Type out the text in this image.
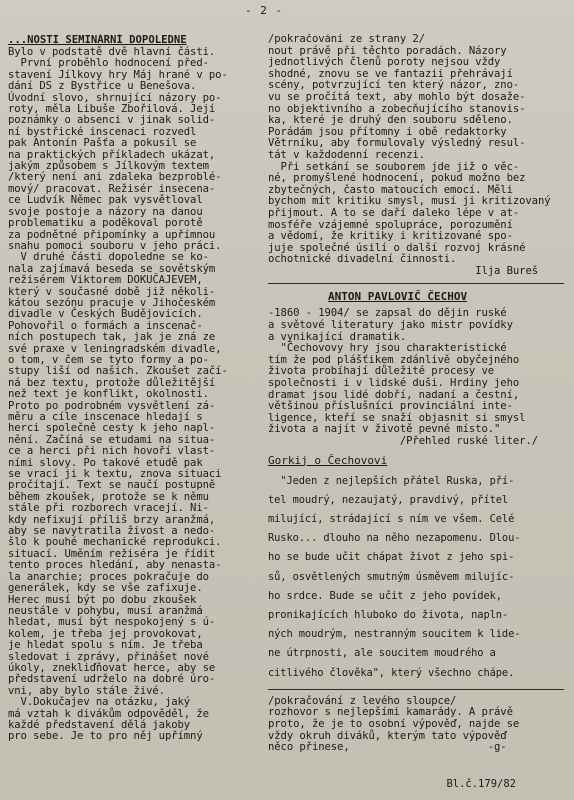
- 2 -
...NOSTI SEMINÁRNÍ DOPOLEDNE
Bylo v podstatě dvě hlavní části.
První proběhlo hodnocení před-
stavení Jílkovy hry Máj hrané v po-
dání DS z Bystřice u Benešova.
Úvodní slovo, shrnující názory po-
roty, měla Libuše Zbořilová. Její
poznámky o absenci v jinak solid-
ní bystřické inscenaci rozvedl
pak Antonín Pašťa a pokusil se
na praktických příkladech ukázat,
jakým způsobem s Jílkovým textem
/který není ani zdaleka bezproblé-
mový/ pracovat. Režisér insecena-
ce Ludvík Němec pak vysvětloval
svoje postoje a názory na danou
problematiku a poděkoval porotě
za podnětné připomínky a upřímnou
snahu pomoci souboru v jeho práci.
V druhé části dopoledne se ko-
nala zajímavá beseda se sovětským
režisérem Viktorem DOKUČAJEVEM,
který v současné době již několi-
kátou sezónu pracuje v Jihočeském
divadle v Českých Budějovicích.
Pohovořil o formách a inscenač-
ních postupech tak, jak je zná ze
své praxe v leningradském divadle,
o tom, v čem se tyto formy a po-
stupy liší od našich. Zkoušet začí-
ná bez textu, protože důležitější
než text je konflikt, okolnosti.
Proto po podrobném vysvětlení zá-
měru a cíle inscenace hledají s
herci společně cesty k jeho napl-
nění. Začíná se etudami na situa-
ce a herci při nich hovoří vlast-
ními slovy. Po takové etudě pak
se vrací ji k textu, znova situaci
pročítají. Text se naučí postupně
během zkoušek, protože se k němu
stále při rozborech vracejí. Ni-
kdy nefixují příliš brzy aranžmá,
aby se navytratila živost a nedo-
šlo k pouhé mechanické reprodukci.
situací. Uměním režiséra je řídit
tento proces hledání, aby nenasta-
la anarchie; proces pokračuje do
generálek, kdy se vše zafixuje.
Herec musí být po dobu zkoušek
neustále v pohybu, musí aranžmá
hledat, musí být nespokojený s ú-
kolem, je třeba jej provokovat,
je hledat spolu s ním. Je třeba
sledovat i zprávy, přinášet nové
úkoly, znekliďňovat herce, aby se
představení udrželo na dobré úro-
vni, aby bylo stále živé.
V.Dokučajev na otázku, jaký
má vztah k divákům odpověděl, že
každé představení dělá jakoby
pro sebe. Je to pro něj upřímný
/pokračování ze strany 2/
nout právě při těchto poradách. Názory
jednotlivých členů poroty nejsou vždy
shodné, znovu se ve fantazii přehrávají
scény, potvrzující ten který názor, zno-
vu se pročítá text, aby mohlo být dosaže-
no objektivního a zobecňujícího stanovis-
ka, které je druhý den souboru sděleno.
Porádám jsou přítomny i obě redaktorky
Větrníku, aby formulovaly výsledný resul-
tát v každodenní recenzi.
Při setkání se souborem jde již o věc-
né, promyšlené hodnocení, pokud možno bez
zbytečných, často matoucích emocí. Měli
bychom mít kritiku smysl, musí ji kritizovaný
přijmout. A to se daří daleko lépe v at-
mosféře vzájemné spolupráce, porozumění
a vědomí, že kritiky i kritizované spo-
juje společné úsilí o další rozvoj krásné
ochotnické divadelní činnosti.
Ilja Bureš
ANTON PAVLOVIČ ČECHOV
-1860 - 1904/ se zapsal do dějin ruské
a světové literatury jako mistr povídky
a vynikající dramatik.
"Čechovovy hry jsou charakteristické
tím že pod plášťikem zdánlivě obyčejného
života probíhají důležité procesy ve
společnosti i v lidské duši. Hrdiny jeho
dramat jsou lidé dobří, nadaní a čestní,
většinou příslušníci provinciální inte-
ligence, kteří se snaží objasnit si smysl
života a najít v životě pevné místo."
/Přehled ruské liter./
Gorkij o Čechovovi
"Jeden z nejlepších přátel Ruska, pří-
tel moudrý, nezaujatý, pravdivý, přítel
milující, strádající s ním ve všem. Celé
Rusko... dlouho na něho nezapomenu. Dlou-
ho se bude učit chápat život z jeho spi-
sů, osvětlených smutným úsměvem milujíc-
ho srdce. Bude se učit z jeho povídek,
pronikajících hluboko do života, napln-
ných moudrým, nestranným soucitem k lide-
ne útrpnosti, ale soucitem moudrého a
citlivého člověka", který všechno chápe.
/pokračování z levého sloupce/
rozhovor s nejlepšími kamarády. A právě
proto, že je to osobní výpověď, najde se
vždy okruh diváků, kterým tato výpověď
něco přinese,                      -g-
Bl.č.179/82
